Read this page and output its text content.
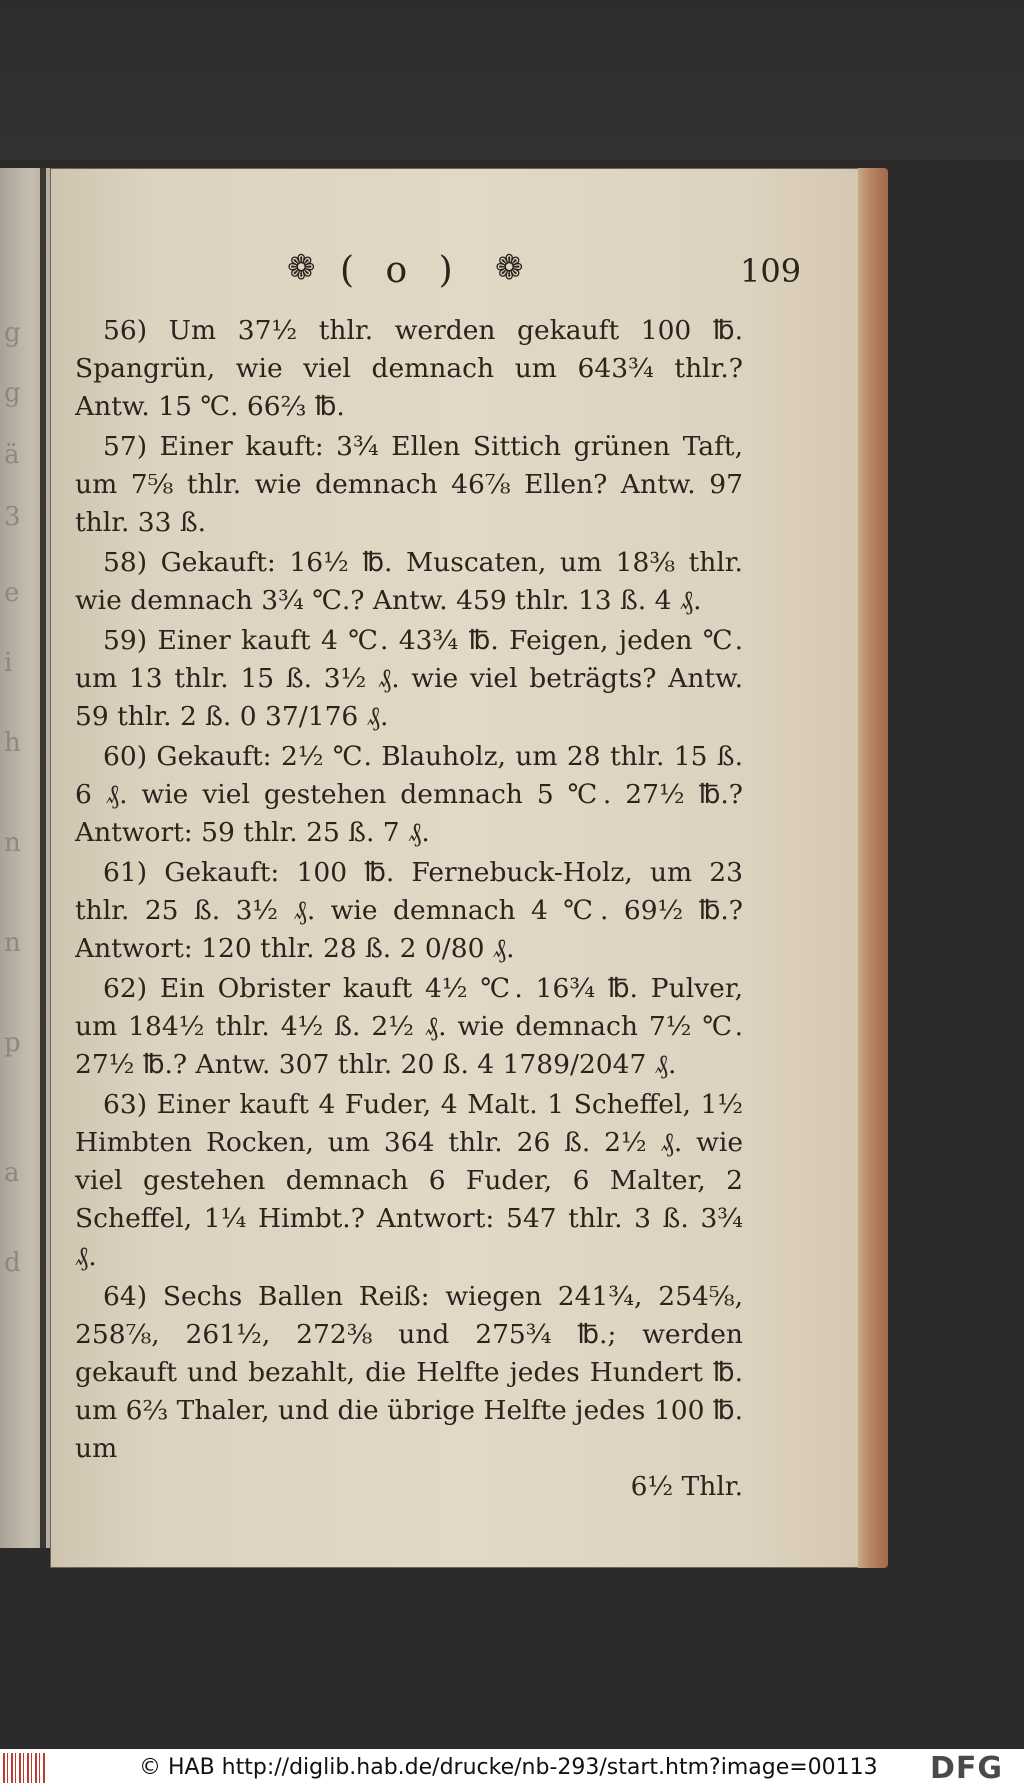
g
g
ä
3
e
i
h
n
n
p
a
d
❁ ( o ) ❁	109

56) Um 37½ thlr. werden gekauft 100 ℔. Spangrün, wie viel demnach um 643¾ thlr.? Antw. 15 ℃. 66⅔ ℔.

57) Einer kauft: 3¾ Ellen Sittich grünen Taft, um 7⅝ thlr. wie demnach 46⅞ Ellen? Antw. 97 thlr. 33 ß.

58) Gekauft: 16½ ℔. Muscaten, um 18⅜ thlr. wie demnach 3¾ ℃.? Antw. 459 thlr. 13 ß. 4 ₰.

59) Einer kauft 4 ℃. 43¾ ℔. Feigen, jeden ℃. um 13 thlr. 15 ß. 3½ ₰. wie viel beträgts? Antw. 59 thlr. 2 ß. 0 37/176 ₰.

60) Gekauft: 2½ ℃. Blauholz, um 28 thlr. 15 ß. 6 ₰. wie viel gestehen demnach 5 ℃. 27½ ℔.? Antwort: 59 thlr. 25 ß. 7 ₰.

61) Gekauft: 100 ℔. Fernebuck-Holz, um 23 thlr. 25 ß. 3½ ₰. wie demnach 4 ℃. 69½ ℔.? Antwort: 120 thlr. 28 ß. 2 0/80 ₰.

62) Ein Obrister kauft 4½ ℃. 16¾ ℔. Pulver, um 184½ thlr. 4½ ß. 2½ ₰. wie demnach 7½ ℃. 27½ ℔.? Antw. 307 thlr. 20 ß. 4 1789/2047 ₰.

63) Einer kauft 4 Fuder, 4 Malt. 1 Scheffel, 1½ Himbten Rocken, um 364 thlr. 26 ß. 2½ ₰. wie viel gestehen demnach 6 Fuder, 6 Malter, 2 Scheffel, 1¼ Himbt.? Antwort: 547 thlr. 3 ß. 3¾ ₰.

64) Sechs Ballen Reiß: wiegen 241¾, 254⅝, 258⅞, 261½, 272⅜ und 275¾ ℔.; werden gekauft und bezahlt, die Helfte jedes Hundert ℔. um 6⅔ Thaler, und die übrige Helfte jedes 100 ℔. um
6½ Thlr.

© HAB http://diglib.hab.de/drucke/nb-293/start.htm?image=00113 DFG
